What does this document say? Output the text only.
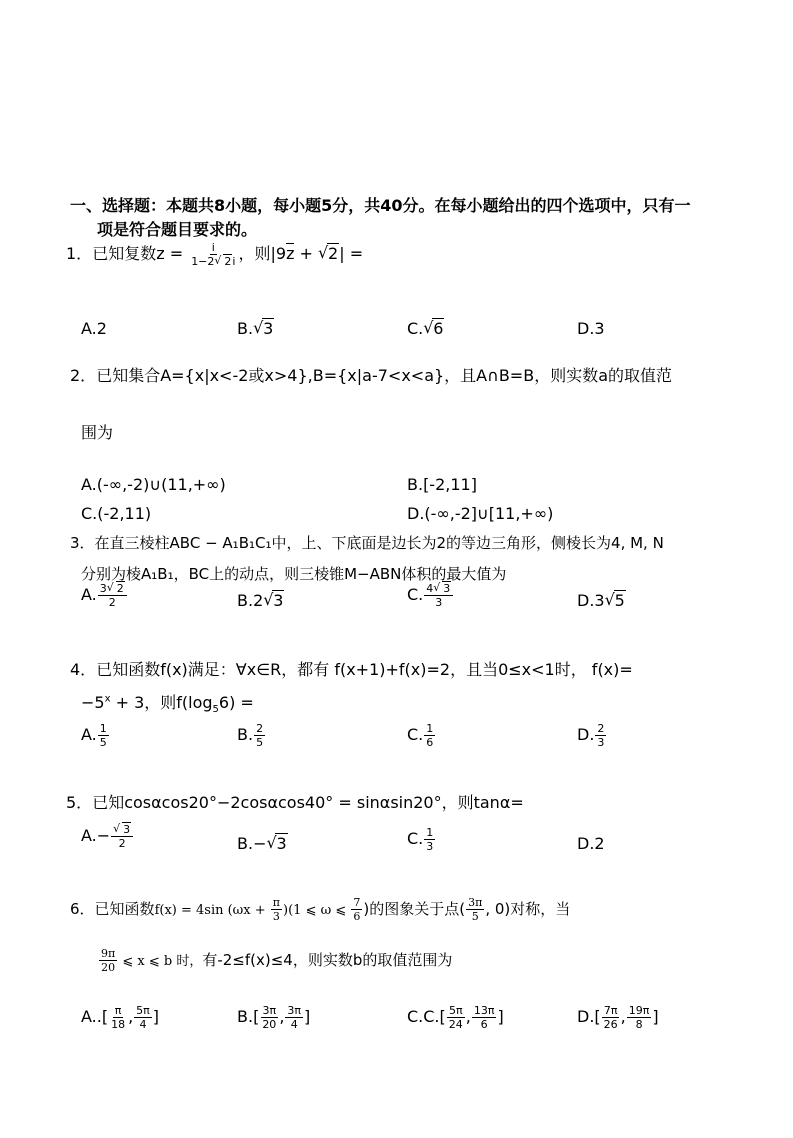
一、选择题：本题共8小题，每小题5分，共40分。在每小题给出的四个选项中，只有一
项是符合题目要求的。
1．已知复数$z = \frac{i}{1-2 √ 2i}$ ，则|9z + √ 2| =
A.2	B. √ 3	C. √ 6	D.3
2．已知集合A={x|x<-2或x>4},B={x|a-7<x<a}，且A∩B=B，则实数a的取值范
围为
A.(-∞,-2)∪(11,+∞)	B.[-2,11]
C.(-2,11)	D.(-∞,-2]∪[11,+∞)
3．在直三棱柱ABC − A₁B₁C₁中，上、下底面是边长为2的等边三角形，侧棱长为4, M, N
分别为棱A₁B₁，BC上的动点，则三棱锥M−ABN体积的最大值为
A. $\frac{3 √ 2}{2}$	B.2 √ 3	C. $\frac{4 √ 3}{3}$	D.3 √ 5
4．已知函数f(x)满足：∀x∈R，都有 f(x+1)+f(x)=2，且当0≤x<1时， f(x)=
$-5^x + 3$，则$f(\log_56)$ =
A. $\frac{1}{5}$	B. $\frac{2}{5}$	C. $\frac{1}{6}$	D. $\frac{2}{3}$
5．已知cosαcos20°−2cosαcos40° = sinαsin20°，则tanα=
A.− √ $\frac{3}{2}$	B.− √ 3	C. $\frac{1}{3}$	D.2
6．已知函数f(x) = 4sin $(\omega x + \frac{\pi}{3} )(1$ ⩽ ω ⩽ $\frac{7}{6}$ )的图象关于点( $\frac{3\pi}{5}$ , 0)对称，当
$\frac{9\pi}{20}$ ⩽ x ⩽ b 时，有-2≤f(x)≤4，则实数b的取值范围为
$A..[ \frac{\pi}{18}$ , $\frac{5\pi}{4}$ ]	$B.[ \frac{3\pi}{20}$ , $\frac{3\pi}{4}$ ]	$C.C.[ \frac{5\pi}{24}$ , $\frac{13\pi}{6}$ ]	$D.[ \frac{7\pi}{26}$ , $\frac{19\pi}{8}$ ]
